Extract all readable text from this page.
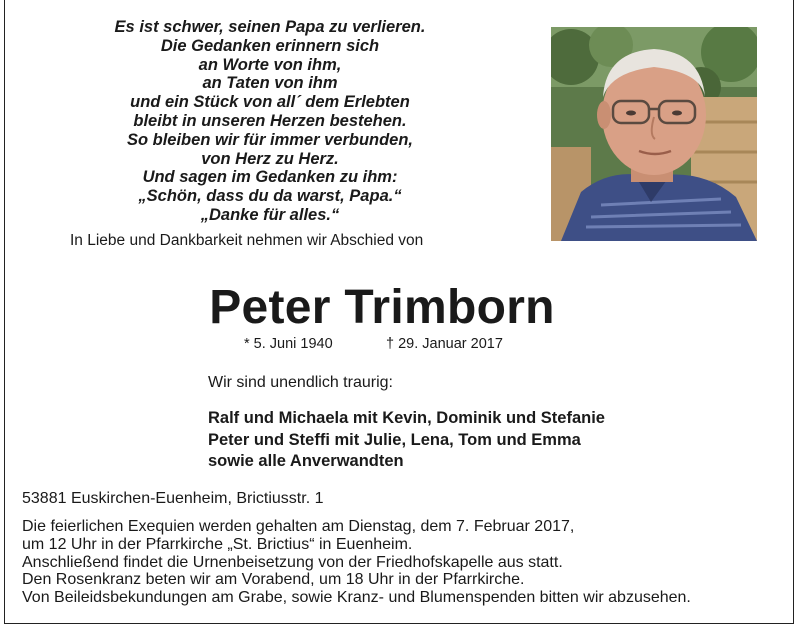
Es ist schwer, seinen Papa zu verlieren.
Die Gedanken erinnern sich
an Worte von ihm,
an Taten von ihm
und ein Stück von all´ dem Erlebten
bleibt in unseren Herzen bestehen.
So bleiben wir für immer verbunden,
von Herz zu Herz.
Und sagen im Gedanken zu ihm:
„Schön, dass du da warst, Papa.“
„Danke für alles.“
In Liebe und Dankbarkeit nehmen wir Abschied von
Peter Trimborn
* 5. Juni 1940	† 29. Januar 2017
Wir sind unendlich traurig:
Ralf und Michaela mit Kevin, Dominik und Stefanie
Peter und Steffi mit Julie, Lena, Tom und Emma
sowie alle Anverwandten
53881 Euskirchen-Euenheim, Brictiusstr. 1
Die feierlichen Exequien werden gehalten am Dienstag, dem 7. Februar 2017,
um 12 Uhr in der Pfarrkirche „St. Brictius“ in Euenheim.
Anschließend findet die Urnenbeisetzung von der Friedhofskapelle aus statt.
Den Rosenkranz beten wir am Vorabend, um 18 Uhr in der Pfarrkirche.
Von Beileidsbekundungen am Grabe, sowie Kranz- und Blumenspenden bitten wir abzusehen.
